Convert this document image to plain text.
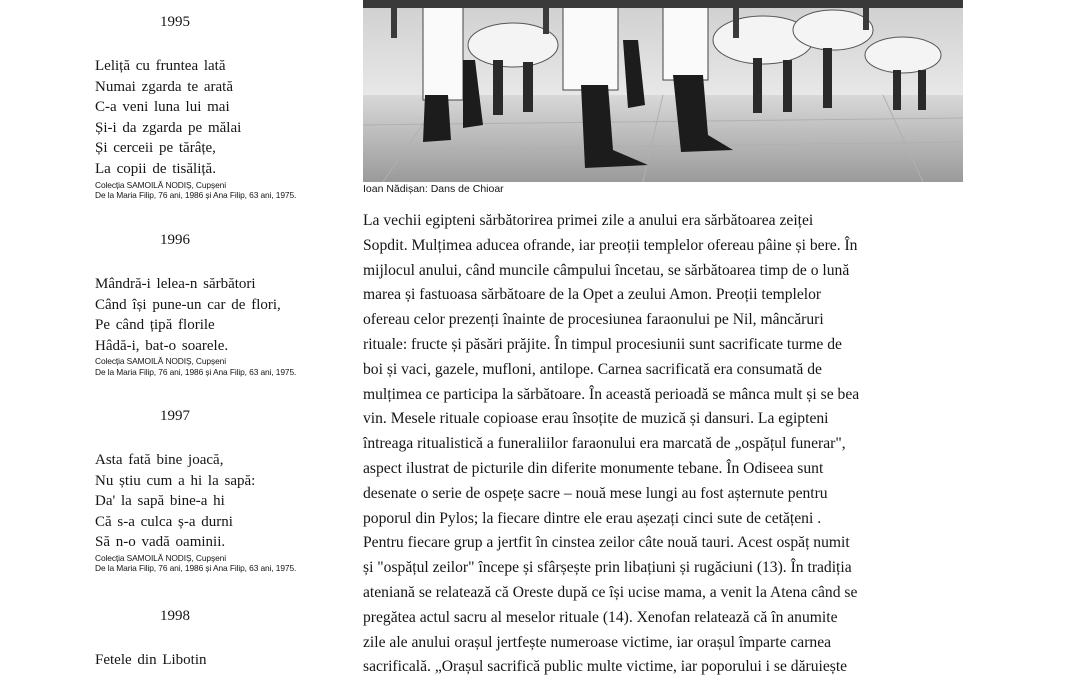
1995
Leliță cu fruntea lată
Numai zgarda te arată
C-a veni luna lui mai
Și-i da zgarda pe mălai
Și cerceii pe tărâțe,
La copii de tisăliță.
Colecția SAMOILĂ NODIȘ, Cupșeni
De la Maria Filip, 76 ani, 1986 și Ana Filip, 63 ani, 1975.
1996
Mândră-i lelea-n sărbători
Când își pune-un car de flori,
Pe când țipă florile
Hâdă-i, bat-o soarele.
Colecția SAMOILĂ NODIȘ, Cupșeni
De la Maria Filip, 76 ani, 1986 și Ana Filip, 63 ani, 1975.
1997
Asta fată bine joacă,
Nu știu cum a hi la sapă:
Da' la sapă bine-a hi
Că s-a culca ș-a durni
Să n-o vadă oaminii.
Colecția SAMOILĂ NODIȘ, Cupșeni
De la Maria Filip, 76 ani, 1986 și Ana Filip, 63 ani, 1975.
1998
Fetele din Libotin
Ioan Nădișan: Dans de Chioar
La vechii egipteni sărbătorirea primei zile a anului era sărbătoarea zeiței
Sopdit. Mulțimea aducea ofrande, iar preoții templelor ofereau pâine și bere. În
mijlocul anului, când muncile câmpului încetau, se sărbătoarea timp de o lună
marea și fastuoasa sărbătoare de la Opet a zeului Amon. Preoții templelor
ofereau celor prezenți înainte de procesiunea faraonului pe Nil, mâncăruri
rituale: fructe și păsări prăjite. În timpul procesiunii sunt sacrificate turme de
boi și vaci, gazele, mufloni, antilope. Carnea sacrificată era consumată de
mulțimea ce participa la sărbătoare. În această perioadă se mânca mult și se bea
vin. Mesele rituale copioase erau însoțite de muzică și dansuri. La egipteni
întreaga ritualistică a funeraliilor faraonului era marcată de „ospățul funerar",
aspect ilustrat de picturile din diferite monumente tebane. În Odiseea sunt
desenate o serie de ospețe sacre – nouă mese lungi au fost așternute pentru
poporul din Pylos; la fiecare dintre ele erau așezați cinci sute de cetățeni .
Pentru fiecare grup a jertfit în cinstea zeilor câte nouă tauri. Acest ospăț numit
și "ospățul zeilor" începe și sfârșește prin libațiuni și rugăciuni (13). În tradiția
ateniană se relatează că Oreste după ce își ucise mama, a venit la Atena când se
pregătea actul sacru al meselor rituale (14). Xenofan relatează că în anumite
zile ale anului orașul jertfește numeroase victime, iar orașul împarte carnea
sacrificală. „Orașul sacrifică public multe victime, iar poporului i se dăruiește
